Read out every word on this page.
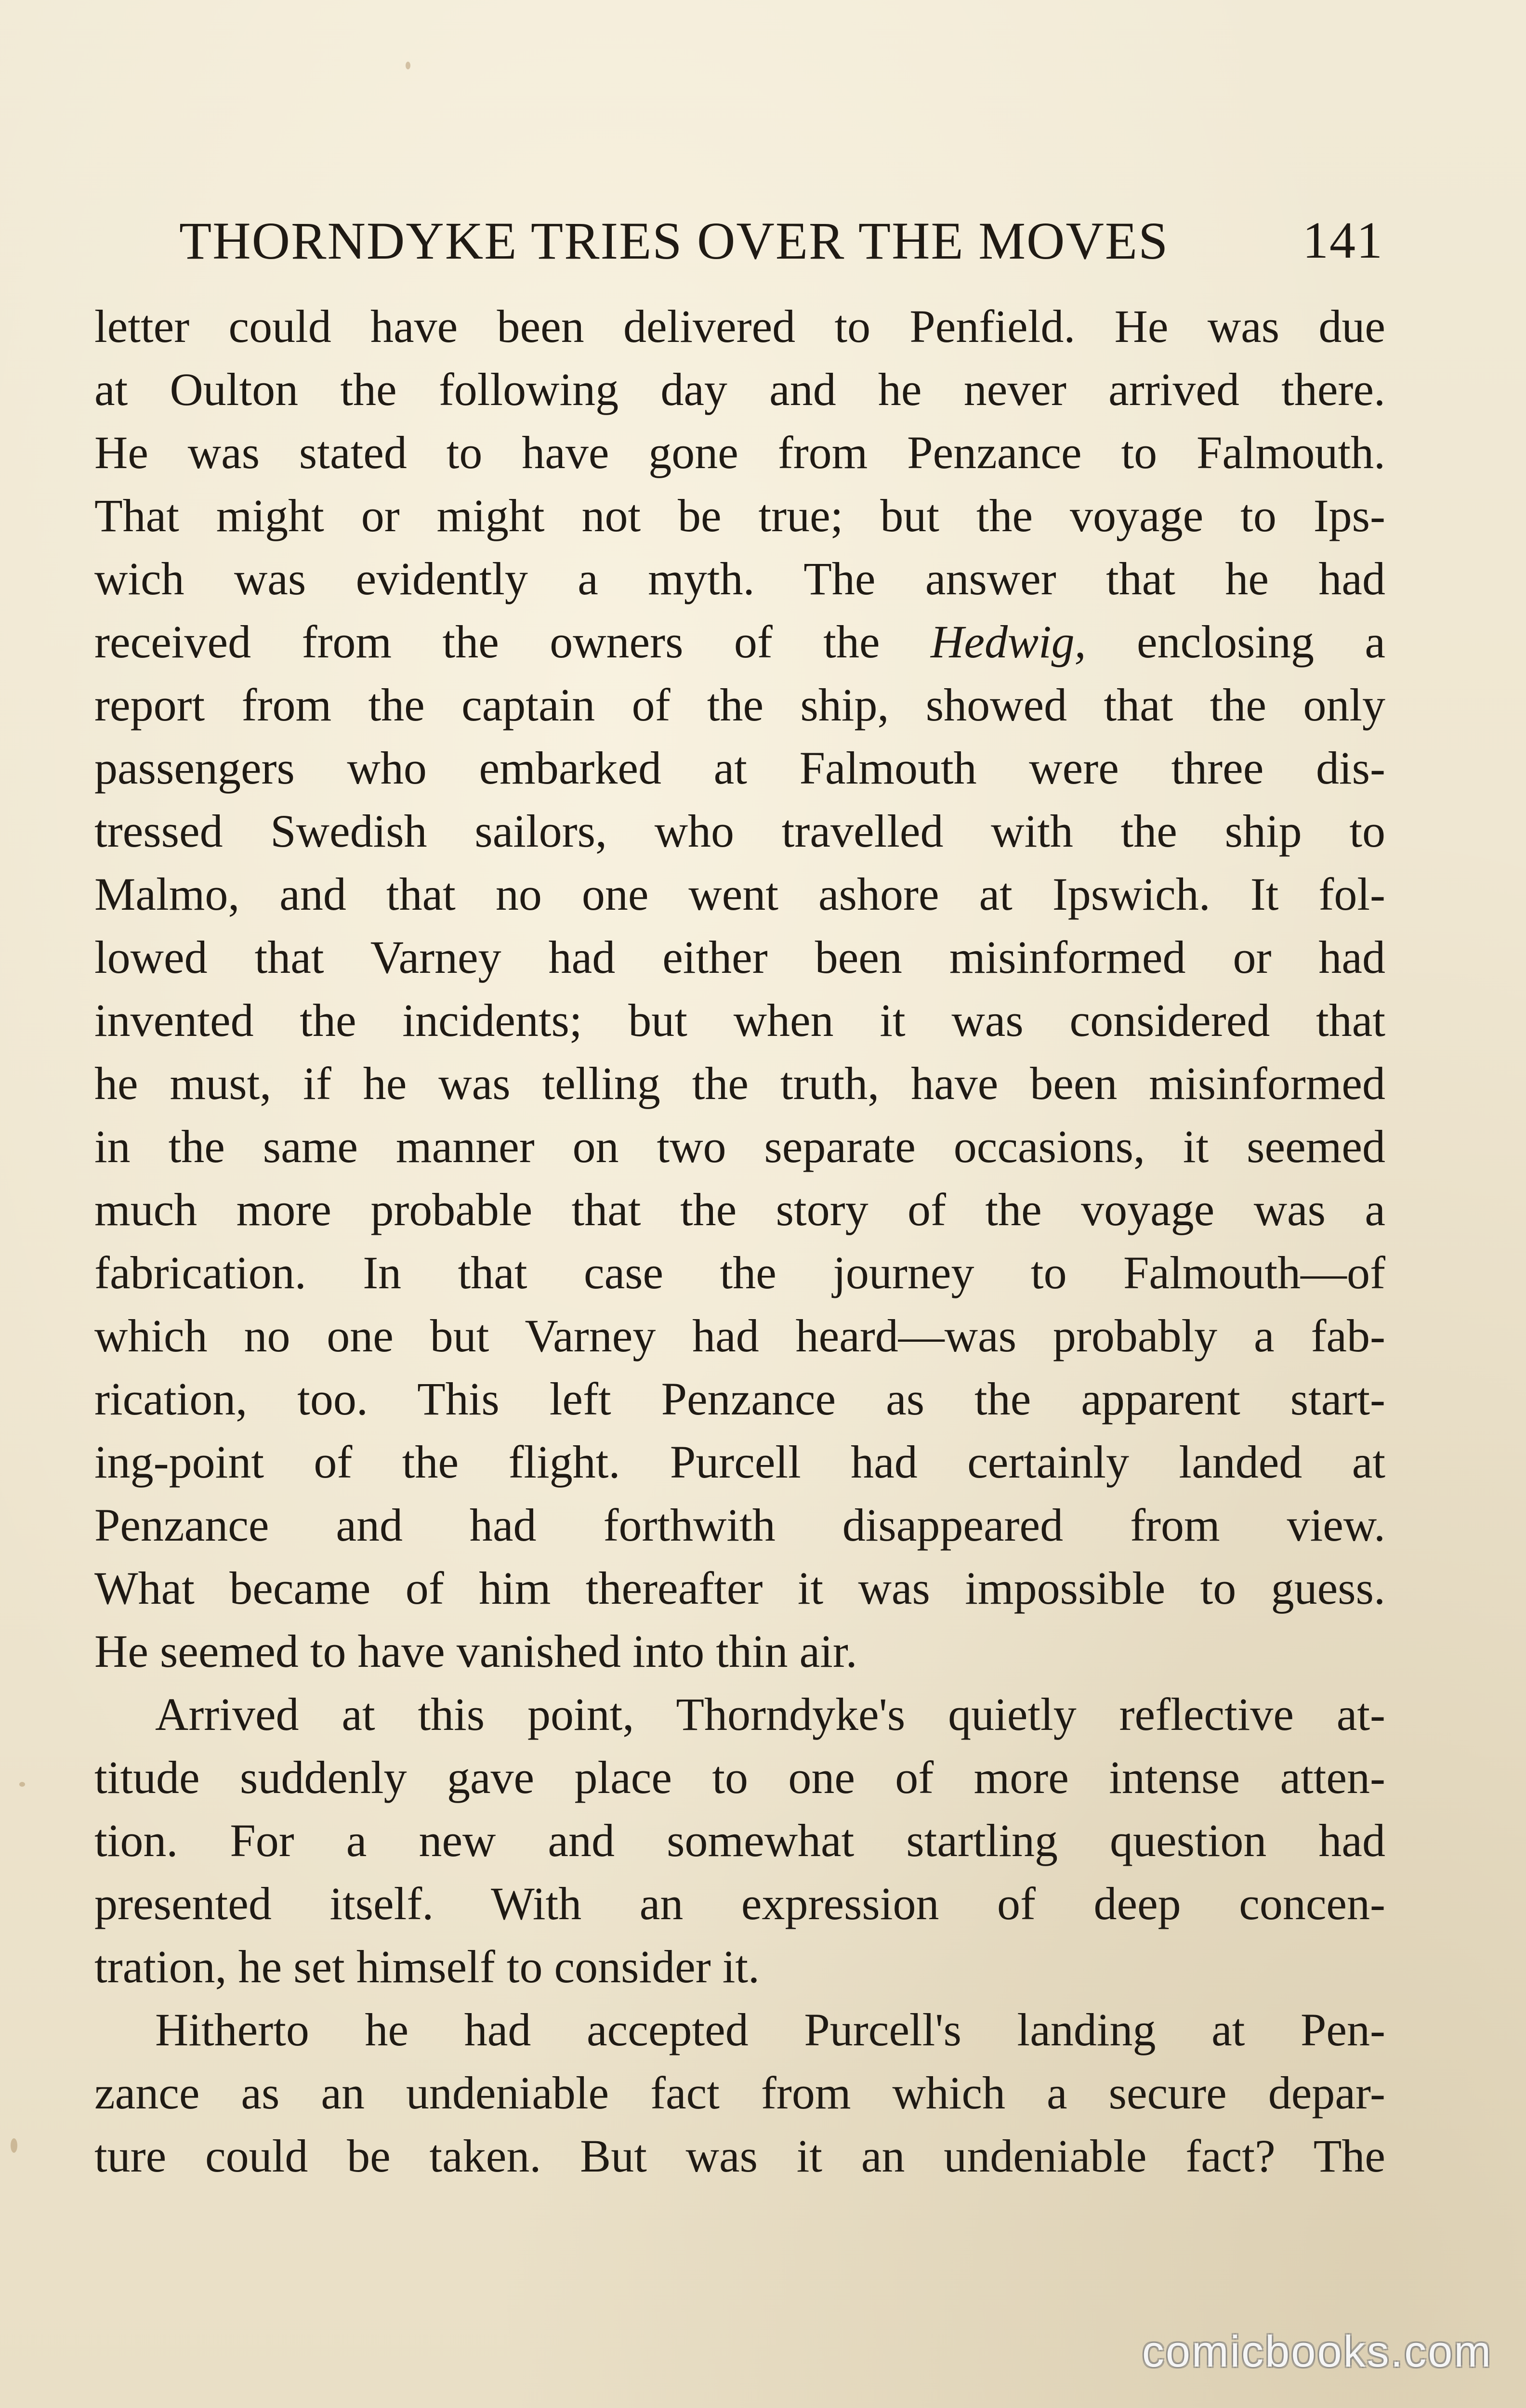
THORNDYKE TRIES OVER THE MOVES	141
letter could have been delivered to Penfield. He was due
at Oulton the following day and he never arrived there.
He was stated to have gone from Penzance to Falmouth.
That might or might not be true; but the voyage to Ips-
wich was evidently a myth. The answer that he had
received from the owners of the Hedwig, enclosing a
report from the captain of the ship, showed that the only
passengers who embarked at Falmouth were three dis-
tressed Swedish sailors, who travelled with the ship to
Malmo, and that no one went ashore at Ipswich. It fol-
lowed that Varney had either been misinformed or had
invented the incidents; but when it was considered that
he must, if he was telling the truth, have been misinformed
in the same manner on two separate occasions, it seemed
much more probable that the story of the voyage was a
fabrication. In that case the journey to Falmouth—of
which no one but Varney had heard—was probably a fab-
rication, too. This left Penzance as the apparent start-
ing-point of the flight. Purcell had certainly landed at
Penzance and had forthwith disappeared from view.
What became of him thereafter it was impossible to guess.
He seemed to have vanished into thin air.
Arrived at this point, Thorndyke's quietly reflective at-
titude suddenly gave place to one of more intense atten-
tion. For a new and somewhat startling question had
presented itself. With an expression of deep concen-
tration, he set himself to consider it.
Hitherto he had accepted Purcell's landing at Pen-
zance as an undeniable fact from which a secure depar-
ture could be taken. But was it an undeniable fact? The
comicbooks.com
